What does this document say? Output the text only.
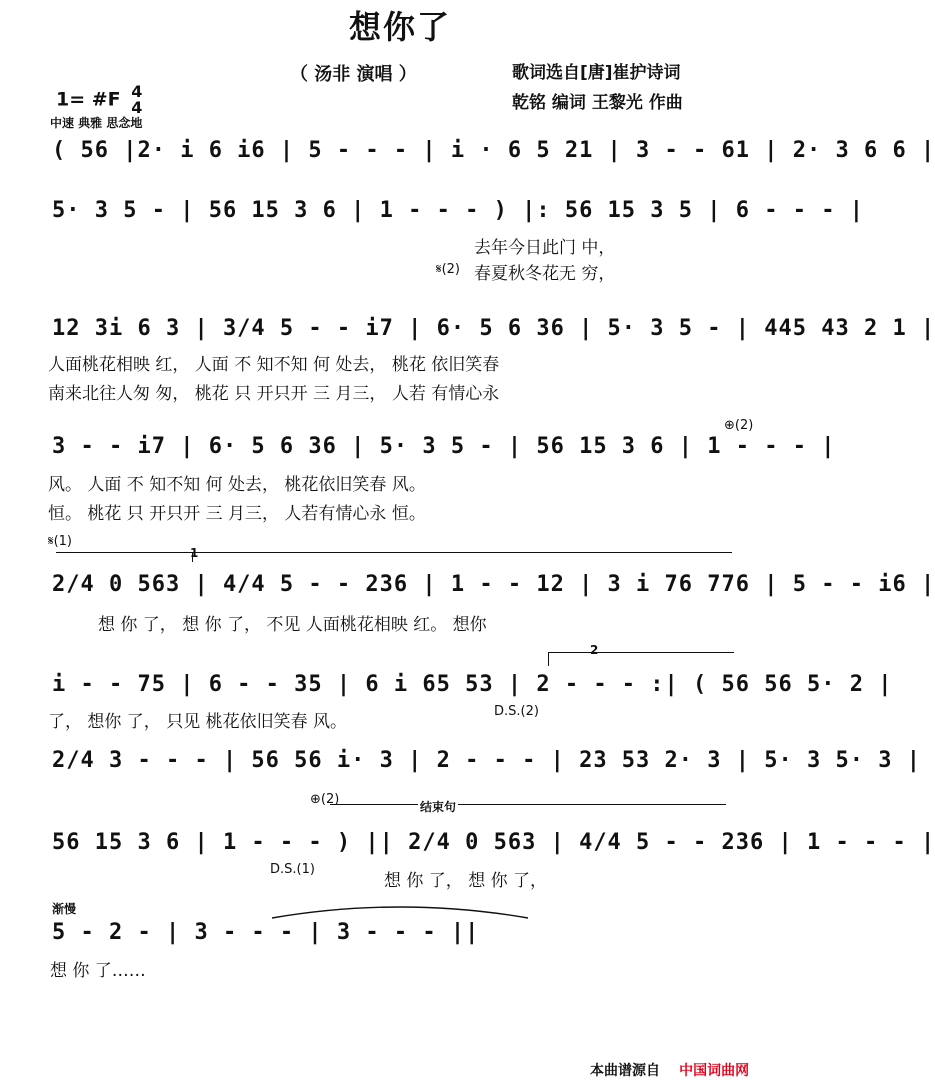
想你了
（ 汤非 演唱 ）	歌词选自[唐]崔护诗词
乾铭 编词 王黎光 作曲
1= #F 4
4
中速 典雅 思念地
( 56 |2· i 6 i6 | 5 - - - | i · 6 5 21 | 3 - - 61 | 2· 3 6 6 |
5· 3 5 - | 56 15 3 6 | 1 - - - ) |: 56 15 3 5 | 6 - - - |
去年今日此门 中，
𝄋(2) 春夏秋冬花无 穷，
12 3i 6 3 | 3/4 5 - - i7 | 6· 5 6 36 | 5· 3 5 - | 445 43 2 1 |
人面桃花相映 红， 人面 不 知不知 何 处去， 桃花 依旧笑春
南来北往人匆 匆， 桃花 只 开只开 三 月三， 人若 有情心永
⊕(2)
3 - - i7 | 6· 5 6 36 | 5· 3 5 - | 56 15 3 6 | 1 - - - |
风。 人面 不 知不知 何 处去， 桃花依旧笑春 风。
恒。 桃花 只 开只开 三 月三， 人若有情心永 恒。
𝄋(1)
1
2/4 0 563 | 4/4 5 - - 236 | 1 - - 12 | 3 i 76 776 | 5 - - i6 |
想 你 了， 想 你 了， 不见 人面桃花相映 红。 想你
2
i - - 75 | 6 - - 35 | 6 i 65 53 | 2 - - - :| ( 56 56 5· 2 |
了， 想你 了， 只见 桃花依旧笑春 风。
D.S.(2)
2/4 3 - - - | 56 56 i· 3 | 2 - - - | 23 53 2· 3 | 5· 3 5· 3 |
⊕(2)	结束句
56 15 3 6 | 1 - - - ) || 2/4 0 563 | 4/4 5 - - 236 | 1 - - - |
D.S.(1)
想 你 了， 想 你 了，
渐慢
5 - 2 - | 3 - - - | 3 - - - ||
想 你 了……
本曲谱源自 中国词曲网
